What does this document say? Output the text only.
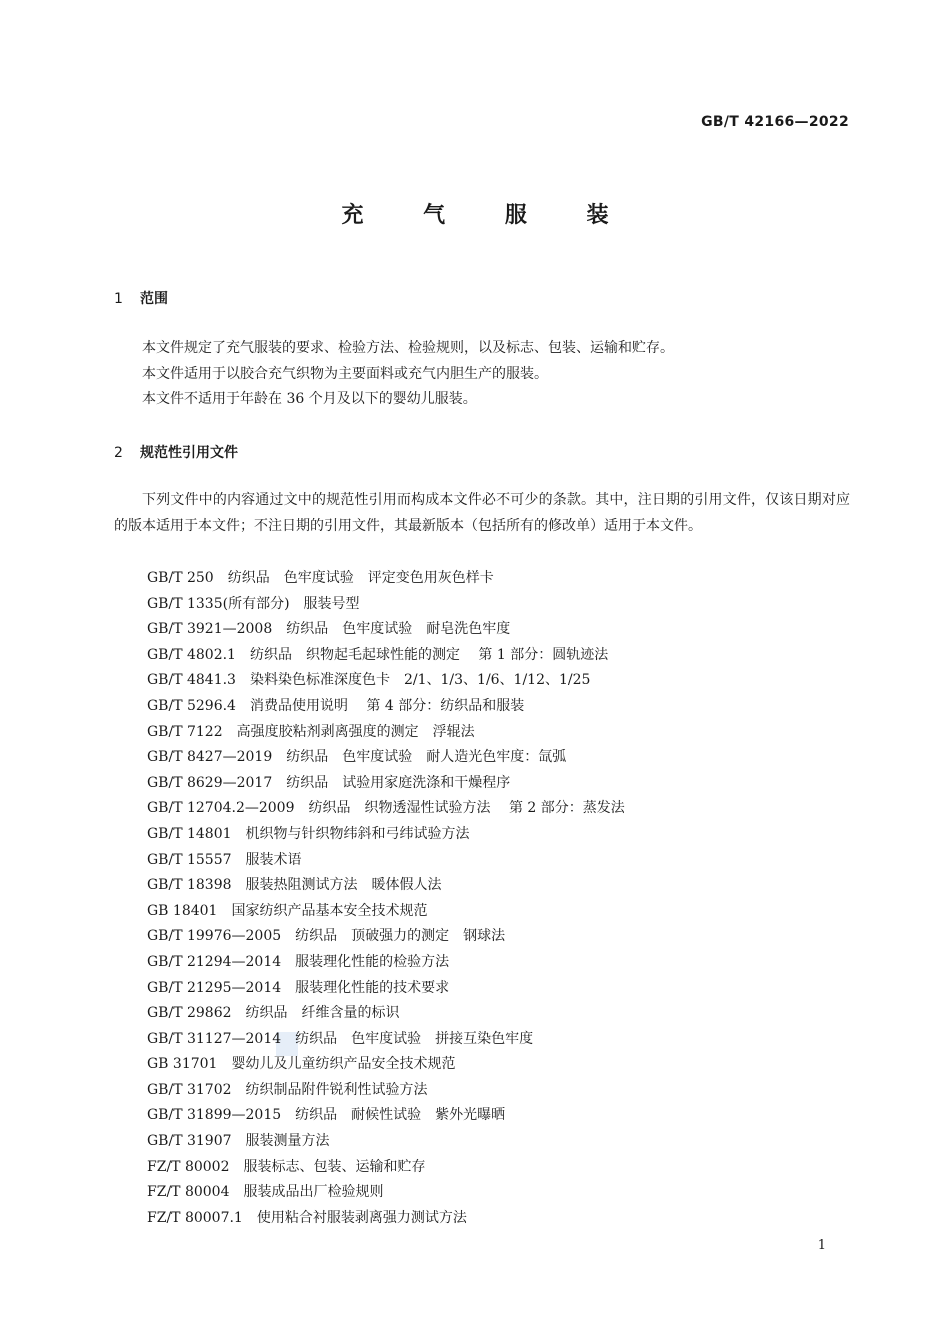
GB/T 42166—2022
充 气 服 装
1 范围

本文件规定了充气服装的要求、检验方法、检验规则，以及标志、包装、运输和贮存。

本文件适用于以胶合充气织物为主要面料或充气内胆生产的服装。

本文件不适用于年龄在 36 个月及以下的婴幼儿服装。

2 规范性引用文件

下列文件中的内容通过文中的规范性引用而构成本文件必不可少的条款。其中，注日期的引用文件，仅该日期对应的版本适用于本文件；不注日期的引用文件，其最新版本（包括所有的修改单）适用于本文件。

GB/T 250 纺织品　色牢度试验　评定变色用灰色样卡
GB/T 1335(所有部分) 服装号型
GB/T 3921—2008 纺织品　色牢度试验　耐皂洗色牢度
GB/T 4802.1 纺织品　织物起毛起球性能的测定　 第 1 部分：圆轨迹法
GB/T 4841.3 染料染色标准深度色卡　2/1、1/3、1/6、1/12、1/25
GB/T 5296.4 消费品使用说明　 第 4 部分：纺织品和服装
GB/T 7122 高强度胶粘剂剥离强度的测定　浮辊法
GB/T 8427—2019 纺织品　色牢度试验　耐人造光色牢度：氙弧
GB/T 8629—2017 纺织品　试验用家庭洗涤和干燥程序
GB/T 12704.2—2009 纺织品　织物透湿性试验方法　 第 2 部分：蒸发法
GB/T 14801 机织物与针织物纬斜和弓纬试验方法
GB/T 15557 服装术语
GB/T 18398 服装热阻测试方法　暖体假人法
GB 18401 国家纺织产品基本安全技术规范
GB/T 19976—2005 纺织品　顶破强力的测定　钢球法
GB/T 21294—2014 服装理化性能的检验方法
GB/T 21295—2014 服装理化性能的技术要求
GB/T 29862 纺织品　纤维含量的标识
GB/T 31127—2014 纺织品　色牢度试验　拼接互染色牢度
GB 31701 婴幼儿及儿童纺织产品安全技术规范
GB/T 31702 纺织制品附件锐利性试验方法
GB/T 31899—2015 纺织品　耐候性试验　紫外光曝晒
GB/T 31907 服装测量方法
FZ/T 80002 服装标志、包装、运输和贮存
FZ/T 80004 服装成品出厂检验规则
FZ/T 80007.1 使用粘合衬服装剥离强力测试方法
1
